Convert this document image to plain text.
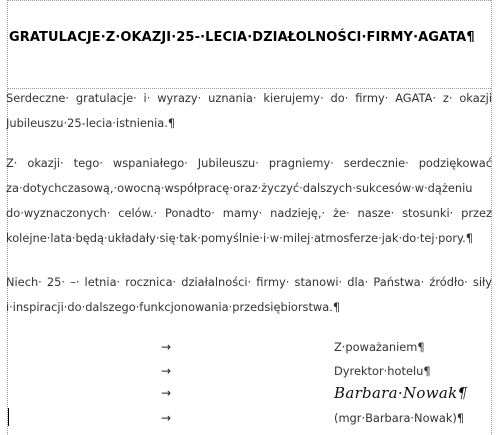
GRATULACJE·Z·OKAZJI·25-·LECIA·DZIAŁOLNOŚCI·FIRMY·AGATA¶
Serdeczne· gratulacje· i· wyrazy· uznania· kierujemy· do· firmy· AGATA· z· okazji
Jubileuszu·25-lecia·istnienia.¶
Z· okazji· tego· wspaniałego· Jubileuszu· pragniemy· serdecznie· podziękować
za·dotychczasową,·owocną·współpracę·oraz·życzyć·dalszych·sukcesów·w·dążeniu
do·wyznaczonych· celów.· Ponadto· mamy· nadzieję,· że· nasze· stosunki· przez
kolejne·lata·będą·układały·się·tak·pomyślnie·i·w·milej·atmosferze·jak·do·tej·pory.¶
Niech· 25· –· letnia· rocznica· działalności· firmy· stanowi· dla· Państwa· źródło· siły
i·inspiracji·do·dalszego·funkcjonowania·przedsiębiorstwa.¶
→	Z·poważaniem¶
→	Dyrektor·hotelu¶
→	Barbara·Nowak¶
→	(mgr·Barbara·Nowak)¶
